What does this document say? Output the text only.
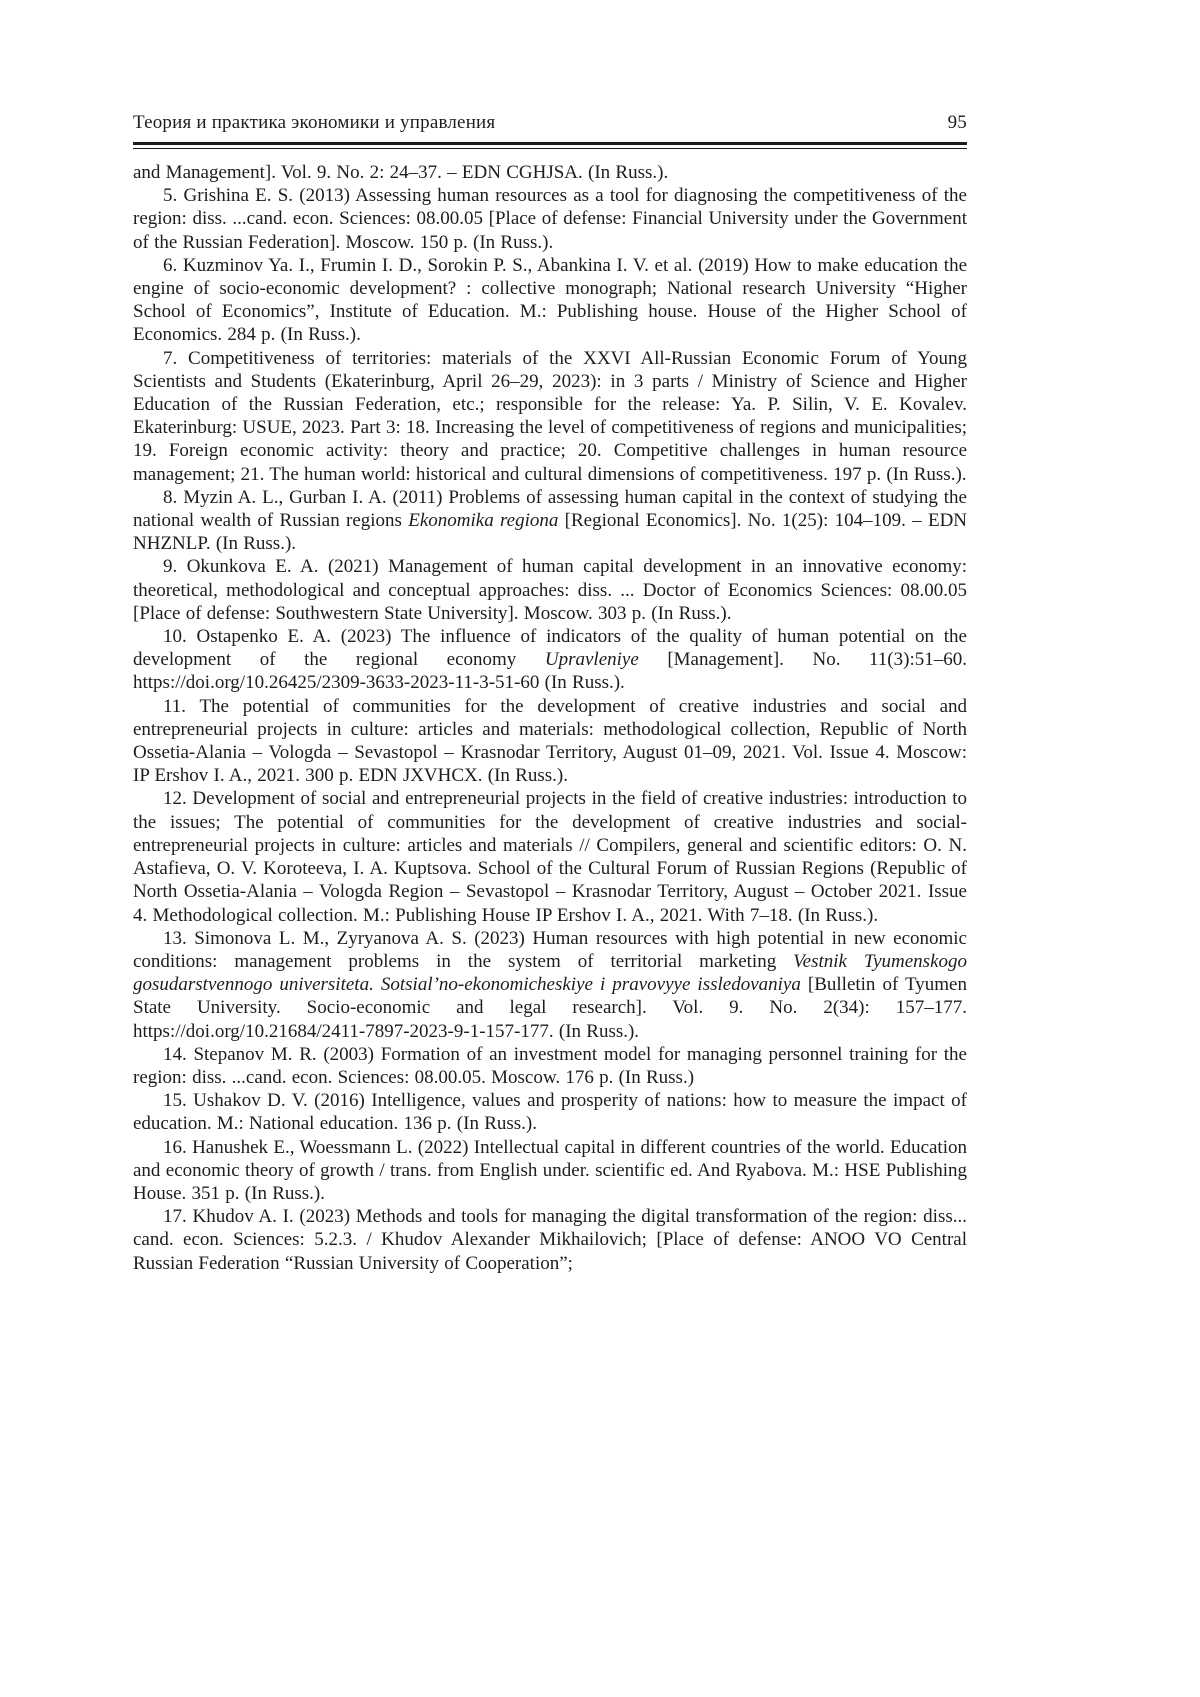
Теория и практика экономики и управления	95

and Management]. Vol. 9. No. 2: 24–37. – EDN CGHJSA. (In Russ.).

5. Grishina E. S. (2013) Assessing human resources as a tool for diagnosing the competitiveness of the region: diss. ...cand. econ. Sciences: 08.00.05 [Place of defense: Financial University under the Government of the Russian Federation]. Moscow. 150 p. (In Russ.).

6. Kuzminov Ya. I., Frumin I. D., Sorokin P. S., Abankina I. V. et al. (2019) How to make education the engine of socio-economic development? : collective monograph; National research University “Higher School of Economics”, Institute of Education. M.: Publishing house. House of the Higher School of Economics. 284 p. (In Russ.).

7. Competitiveness of territories: materials of the XXVI All-Russian Economic Forum of Young Scientists and Students (Ekaterinburg, April 26–29, 2023): in 3 parts / Ministry of Science and Higher Education of the Russian Federation, etc.; responsible for the release: Ya. P. Silin, V. E. Kovalev. Ekaterinburg: USUE, 2023. Part 3: 18. Increasing the level of competitiveness of regions and municipalities; 19. Foreign economic activity: theory and practice; 20. Competitive challenges in human resource management; 21. The human world: historical and cultural dimensions of competitiveness. 197 p. (In Russ.).

8. Myzin A. L., Gurban I. A. (2011) Problems of assessing human capital in the context of studying the national wealth of Russian regions Ekonomika regiona [Regional Economics]. No. 1(25): 104–109. – EDN NHZNLP. (In Russ.).

9. Okunkova E. A. (2021) Management of human capital development in an innovative economy: theoretical, methodological and conceptual approaches: diss. ... Doctor of Economics Sciences: 08.00.05 [Place of defense: Southwestern State University]. Moscow. 303 p. (In Russ.).

10. Ostapenko E. A. (2023) The influence of indicators of the quality of human potential on the development of the regional economy Upravleniye [Management]. No. 11(3):51–60. https://doi.org/10.26425/2309-3633-2023-11-3-51-60 (In Russ.).

11. The potential of communities for the development of creative industries and social and entrepreneurial projects in culture: articles and materials: methodological collection, Republic of North Ossetia-Alania – Vologda – Sevastopol – Krasnodar Territory, August 01–09, 2021. Vol. Issue 4. Moscow: IP Ershov I. A., 2021. 300 p. EDN JXVHCX. (In Russ.).

12. Development of social and entrepreneurial projects in the field of creative industries: introduction to the issues; The potential of communities for the development of creative industries and social-entrepreneurial projects in culture: articles and materials // Compilers, general and scientific editors: O. N. Astafieva, O. V. Koroteeva, I. A. Kuptsova. School of the Cultural Forum of Russian Regions (Republic of North Ossetia-Alania – Vologda Region – Sevastopol – Krasnodar Territory, August – October 2021. Issue 4. Methodological collection. M.: Publishing House IP Ershov I. A., 2021. With 7–18. (In Russ.).

13. Simonova L. M., Zyryanova A. S. (2023) Human resources with high potential in new economic conditions: management problems in the system of territorial marketing Vestnik Tyumenskogo gosudarstvennogo universiteta. Sotsial’no-ekonomicheskiye i pravovyye issledovaniya [Bulletin of Tyumen State University. Socio-economic and legal research]. Vol. 9. No. 2(34): 157–177. https://doi.org/10.21684/2411-7897-2023-9-1-157-177. (In Russ.).

14. Stepanov M. R. (2003) Formation of an investment model for managing personnel training for the region: diss. ...cand. econ. Sciences: 08.00.05. Moscow. 176 p. (In Russ.)

15. Ushakov D. V. (2016) Intelligence, values and prosperity of nations: how to measure the impact of education. M.: National education. 136 p. (In Russ.).

16. Hanushek E., Woessmann L. (2022) Intellectual capital in different countries of the world. Education and economic theory of growth / trans. from English under. scientific ed. And Ryabova. M.: HSE Publishing House. 351 p. (In Russ.).

17. Khudov A. I. (2023) Methods and tools for managing the digital transformation of the region: diss... cand. econ. Sciences: 5.2.3. / Khudov Alexander Mikhailovich; [Place of defense: ANOO VO Central Russian Federation “Russian University of Cooperation”;
